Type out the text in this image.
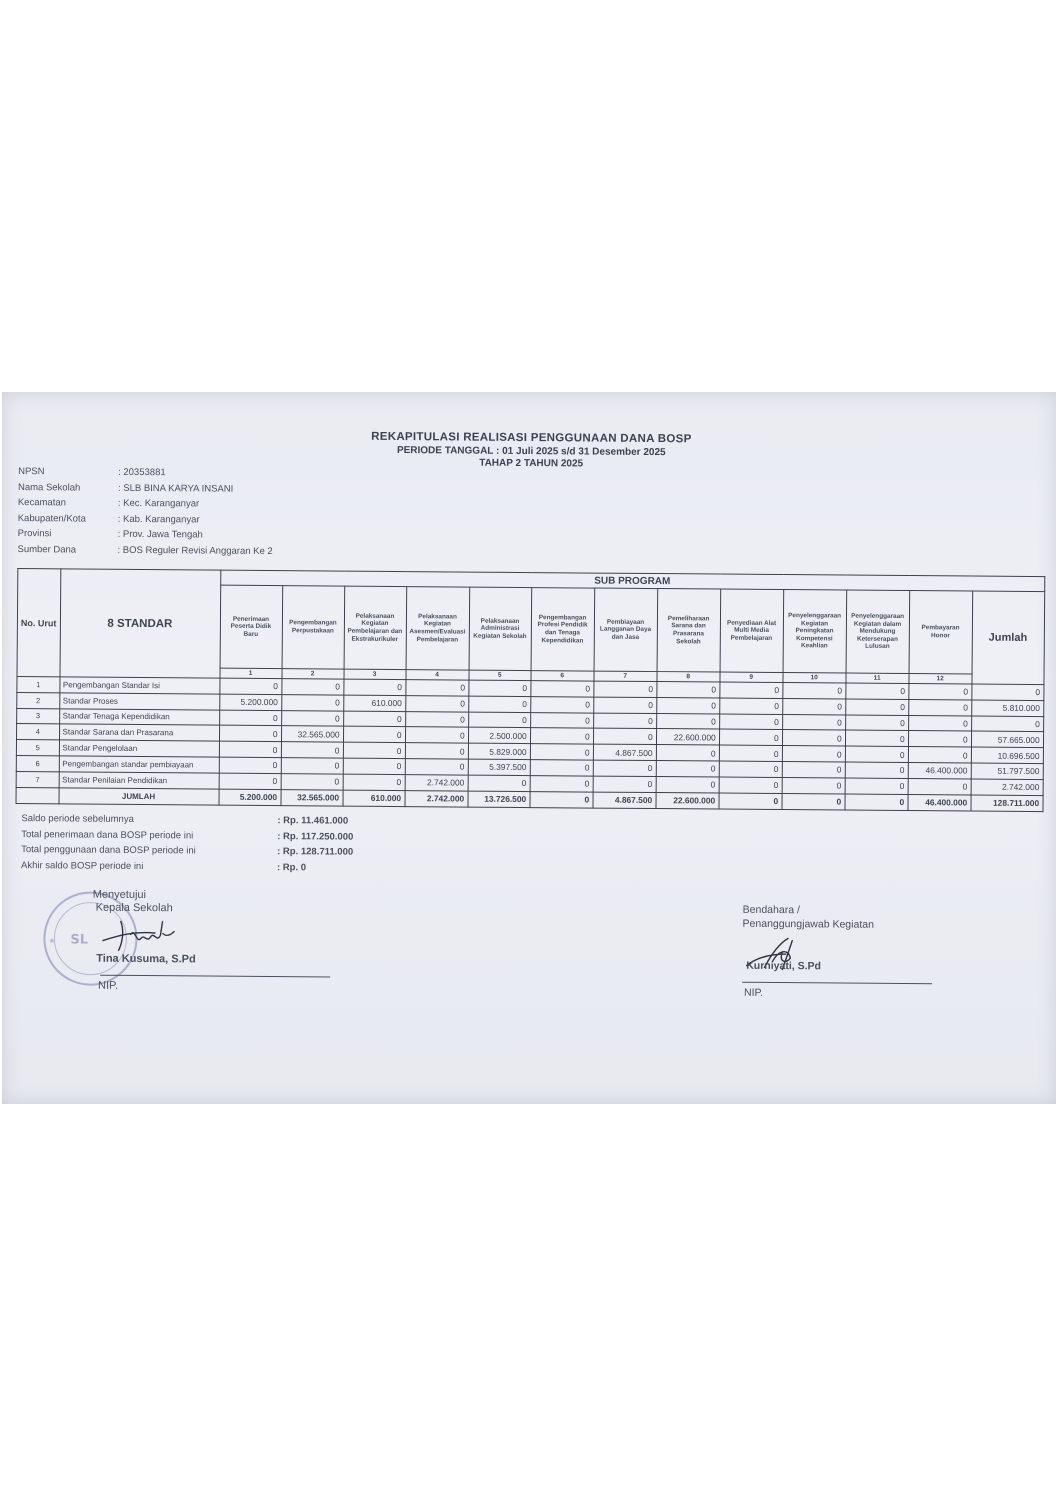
REKAPITULASI REALISASI PENGGUNAAN DANA BOSP
PERIODE TANGGAL : 01 Juli 2025 s/d 31 Desember 2025
TAHAP 2 TAHUN 2025
NPSN	: 20353881
Nama Sekolah	: SLB BINA KARYA INSANI
Kecamatan	: Kec. Karanganyar
Kabupaten/Kota	: Kab. Karanganyar
Provinsi	: Prov. Jawa Tengah
Sumber Dana	: BOS Reguler Revisi Anggaran Ke 2
No. Urut	8 STANDAR	SUB PROGRAM												
		Penerimaan Peserta Didik Baru	Pengembangan Perpustakaan	Pelaksanaan Kegiatan Pembelajaran dan Ekstrakurikuler	Pelaksanaan Kegiatan Asesmen/Evaluasi Pembelajaran	Pelaksanaan Administrasi Kegiatan Sekolah	Pengembangan Profesi Pendidik dan Tenaga Kependidikan	Pembiayaan Langganan Daya dan Jasa	Pemeliharaan Sarana dan Prasarana Sekolah	Penyediaan Alat Multi Media Pembelajaran	Penyelenggaraan Kegiatan Peningkatan Kompetensi Keahlian	Penyelenggaraan Kegiatan dalam Mendukung Keterserapan Lulusan	Pembayaran Honor	Jumlah
		1	2	3	4	5	6	7	8	9	10	11	12	
1	Pengembangan Standar Isi	0	0	0	0	0	0	0	0	0	0	0	0	0
2	Standar Proses	5.200.000	0	610.000	0	0	0	0	0	0	0	0	0	5.810.000
3	Standar Tenaga Kependidikan	0	0	0	0	0	0	0	0	0	0	0	0	0
4	Standar Sarana dan Prasarana	0	32.565.000	0	0	2.500.000	0	0	22.600.000	0	0	0	0	57.665.000
5	Standar Pengelolaan	0	0	0	0	5.829.000	0	4.867.500	0	0	0	0	0	10.696.500
6	Pengembangan standar pembiayaan	0	0	0	0	5.397.500	0	0	0	0	0	0	46.400.000	51.797.500
7	Standar Penilaian Pendidikan	0	0	0	2.742.000	0	0	0	0	0	0	0	0	2.742.000
	JUMLAH	5.200.000	32.565.000	610.000	2.742.000	13.726.500	0	4.867.500	22.600.000	0	0	0	46.400.000	128.711.000
Saldo periode sebelumnya	: Rp. 11.461.000
Total penerimaan dana BOSP periode ini	: Rp. 117.250.000
Total penggunaan dana BOSP periode ini	: Rp. 128.711.000
Akhir saldo BOSP periode ini	: Rp. 0
SL
★
Menyetujui
Kepala Sekolah
Tina Kusuma, S.Pd
NIP.
Bendahara /
Penanggungjawab Kegiatan
Kurniyati, S.Pd
NIP.
